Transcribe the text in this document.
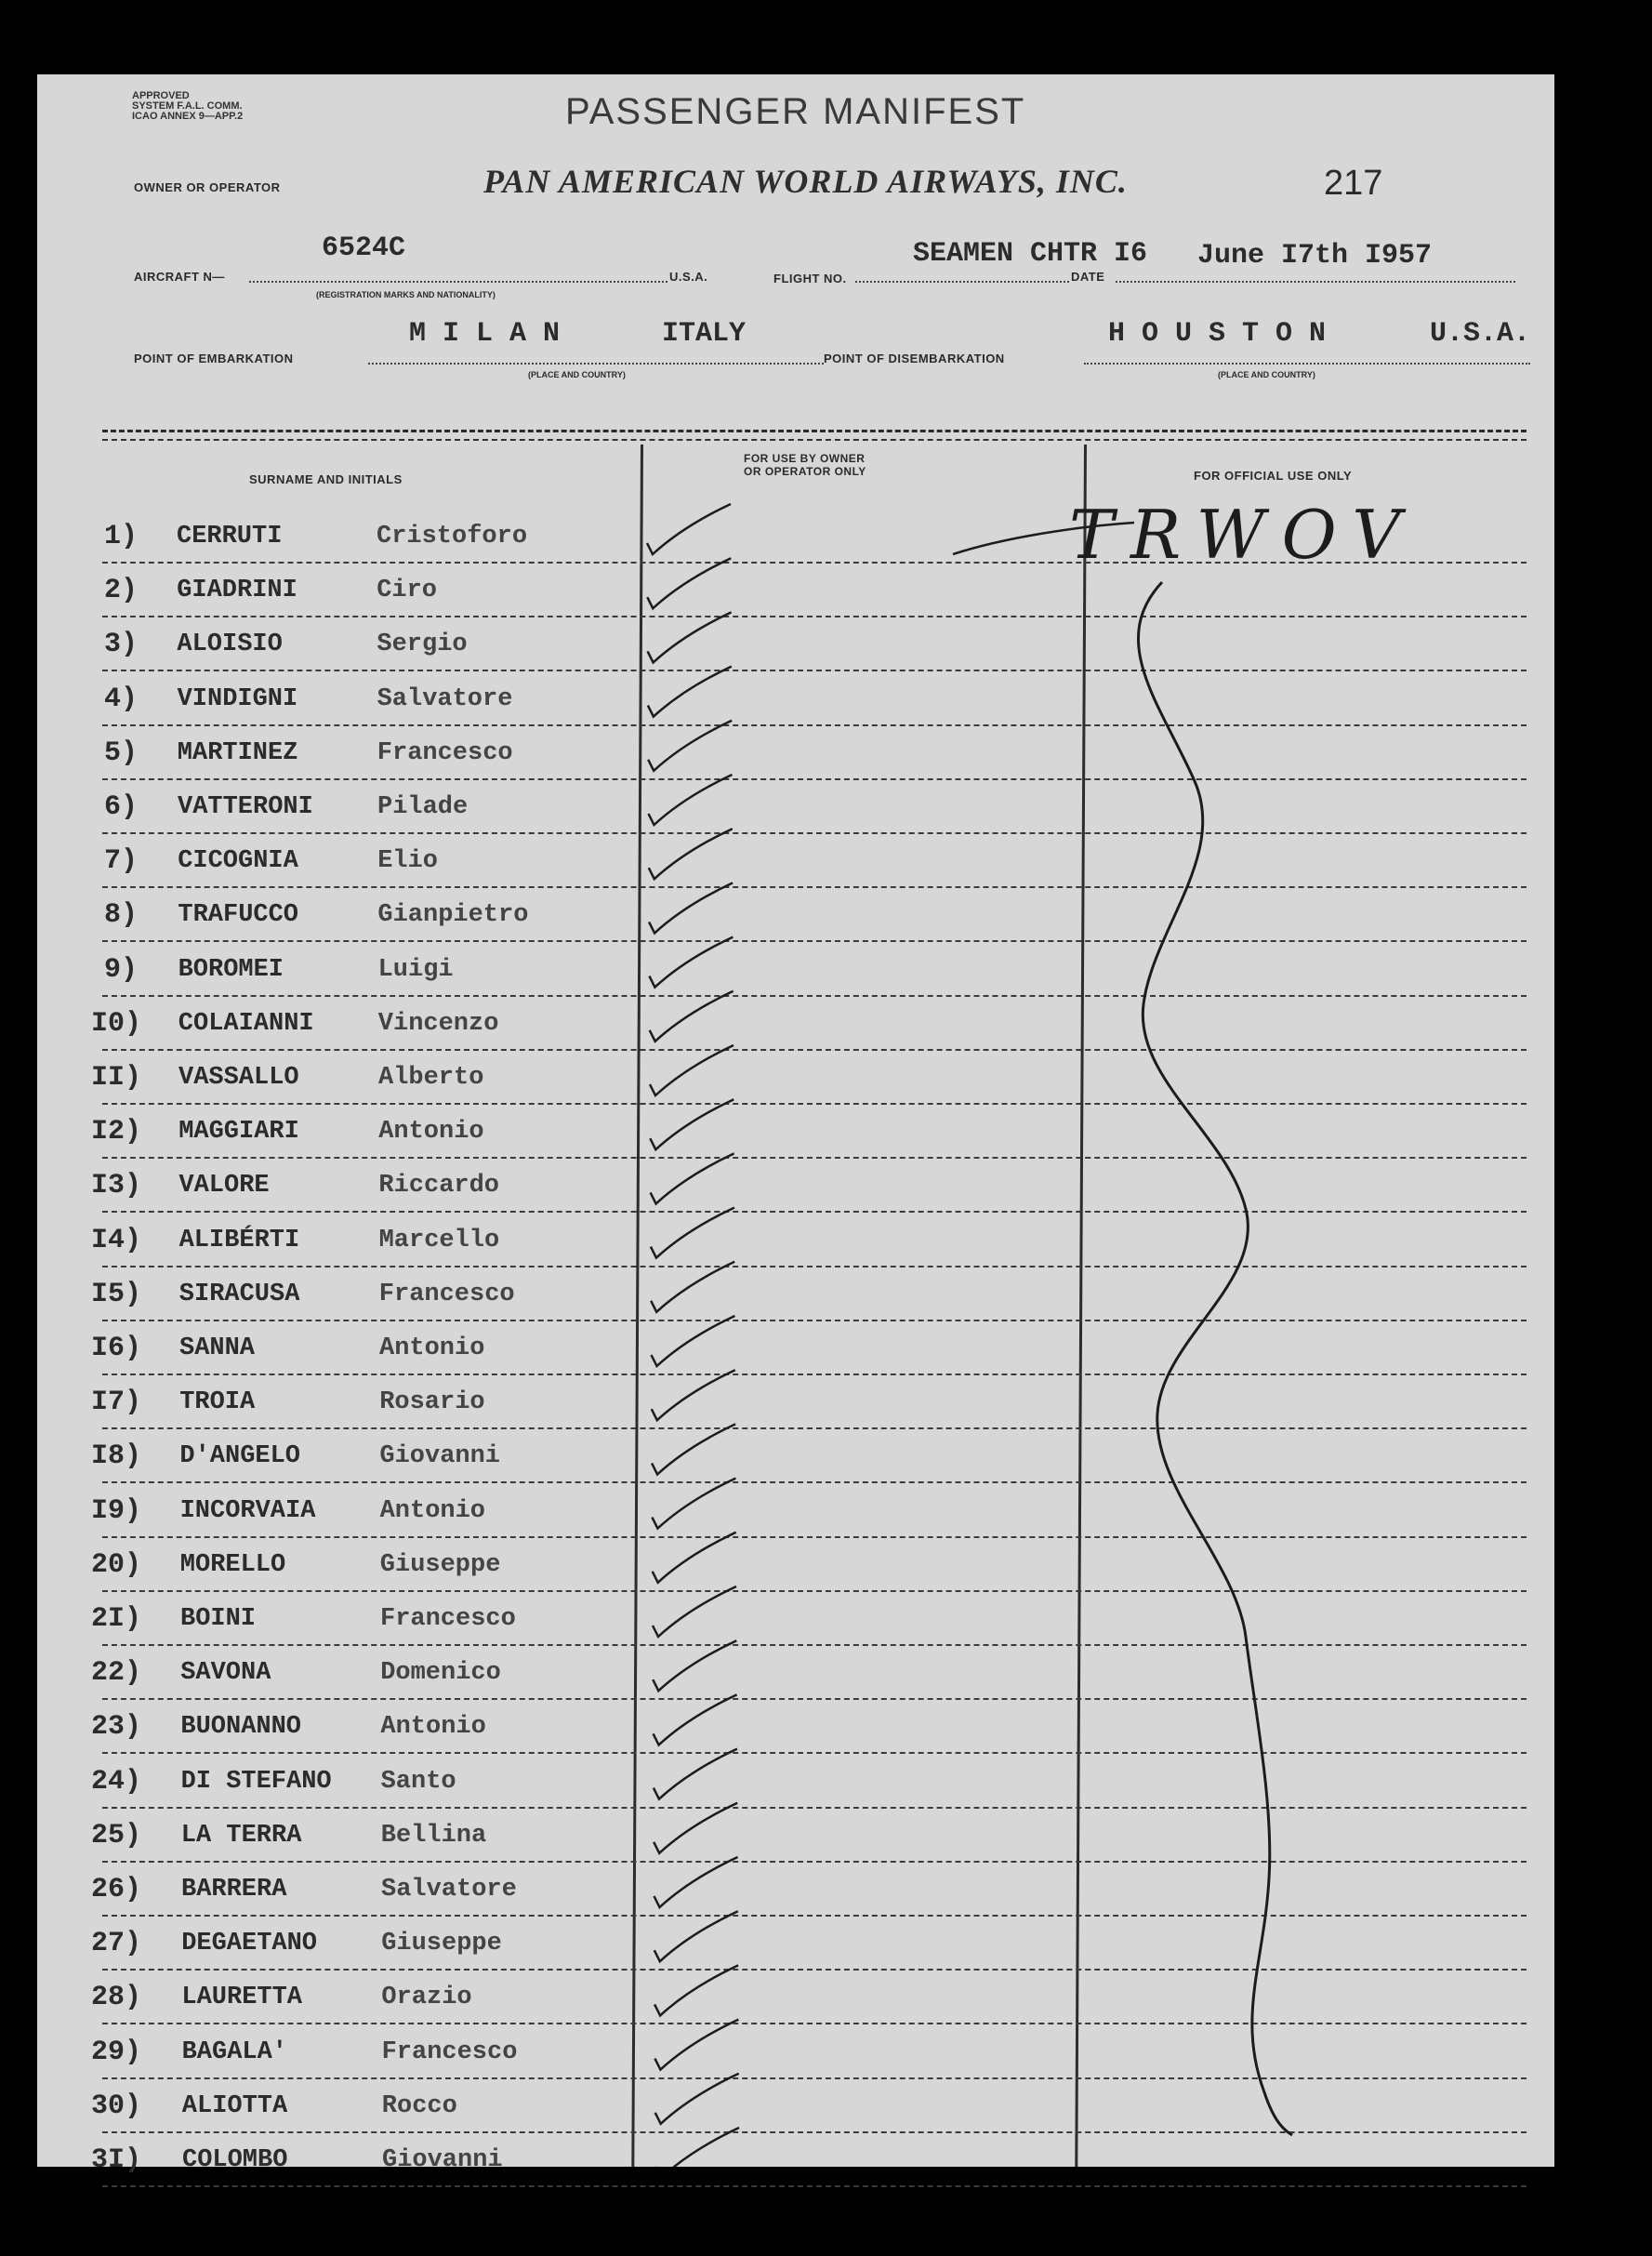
APPROVED
SYSTEM F.A.L. COMM.
ICAO ANNEX 9—APP.2	PASSENGER MANIFEST
OWNER OR OPERATOR	PAN AMERICAN WORLD AIRWAYS, INC.	217
AIRCRAFT N—
6524C
(REGISTRATION MARKS AND NATIONALITY)
U.S.A.	FLIGHT NO.
SEAMEN CHTR I6
DATE
June I7th I957
POINT OF EMBARKATION
M I L A N	ITALY
(PLACE AND COUNTRY)
POINT OF DISEMBARKATION
H O U S T O N	U.S.A.
(PLACE AND COUNTRY)
SURNAME AND INITIALS
FOR USE BY OWNER
OR OPERATOR ONLY	FOR OFFICIAL USE ONLY
1) CERRUTI	Cristoforo
2) GIADRINI	Ciro
3) ALOISIO	Sergio
4) VINDIGNI	Salvatore
5) MARTINEZ	Francesco
6) VATTERONI	Pilade
7) CICOGNIA	Elio
8) TRAFUCCO	Gianpietro
9) BOROMEI	Luigi
I0) COLAIANNI	Vincenzo
II) VASSALLO	Alberto
I2) MAGGIARI	Antonio
I3) VALORE	Riccardo
I4) ALIBÉRTI	Marcello
I5) SIRACUSA	Francesco
I6) SANNA	Antonio
I7) TROIA	Rosario
I8) D'ANGELO	Giovanni
I9) INCORVAIA	Antonio
20) MORELLO	Giuseppe
2I) BOINI	Francesco
22) SAVONA	Domenico
23) BUONANNO	Antonio
24) DI STEFANO Santo
25) LA TERRA	Bellina
26) BARRERA	Salvatore
27) DEGAETANO	Giuseppe
28) LAURETTA	Orazio
29) BAGALA'	Francesco
30) ALIOTTA	Rocco
3I) COLOMBO	Giovanni
TRWOV
